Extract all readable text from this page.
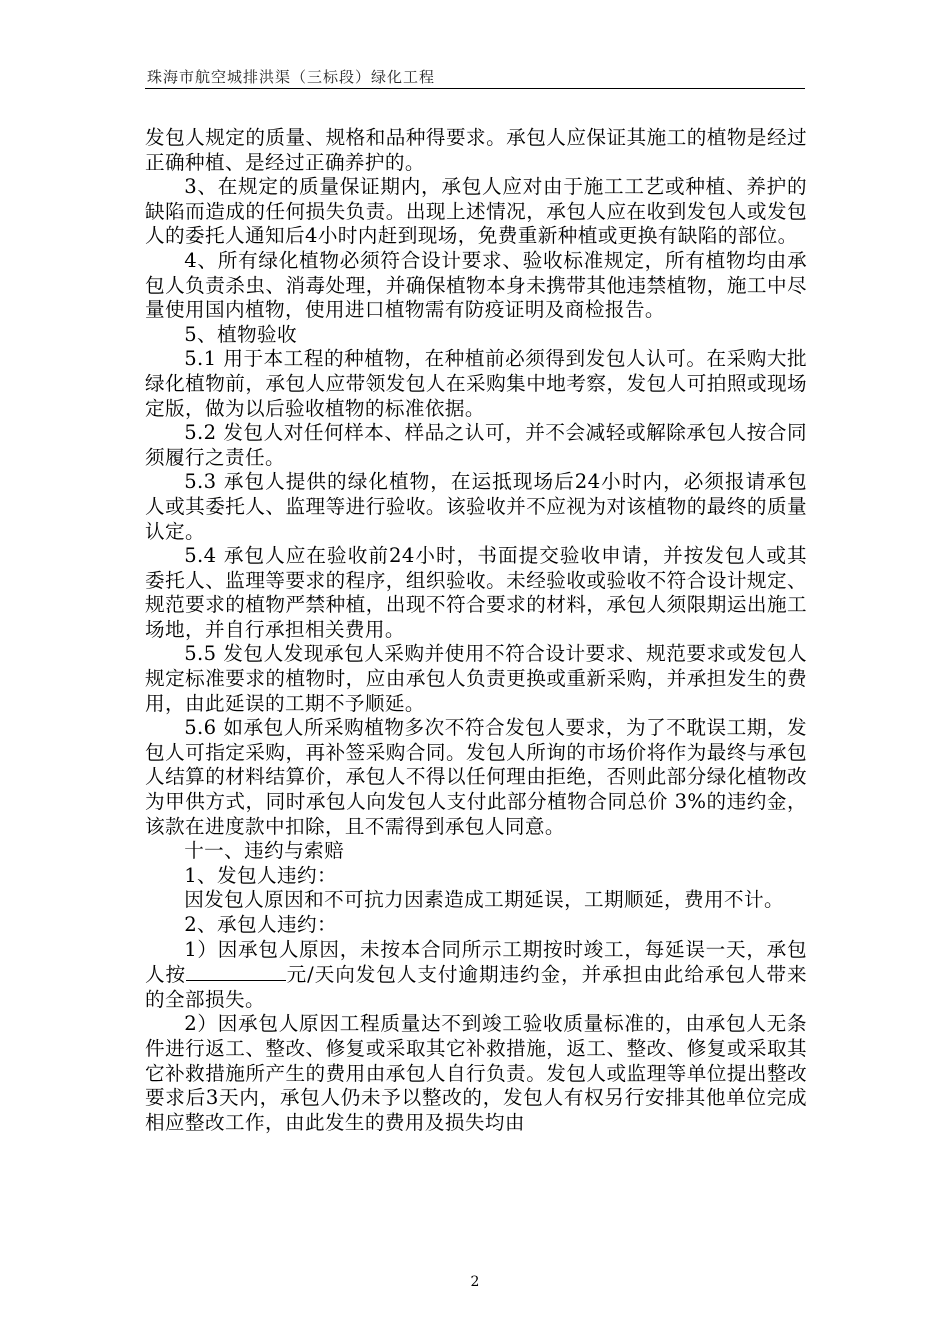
珠海市航空城排洪渠（三标段）绿化工程

发包人规定的质量、规格和品种得要求。承包人应保证其施工的植物是经过正确种植、是经过正确养护的。

3、在规定的质量保证期内，承包人应对由于施工工艺或种植、养护的缺陷而造成的任何损失负责。出现上述情况，承包人应在收到发包人或发包人的委托人通知后4小时内赶到现场，免费重新种植或更换有缺陷的部位。

4、所有绿化植物必须符合设计要求、验收标准规定，所有植物均由承包人负责杀虫、消毒处理，并确保植物本身未携带其他违禁植物，施工中尽量使用国内植物，使用进口植物需有防疫证明及商检报告。

5、植物验收

5.1 用于本工程的种植物，在种植前必须得到发包人认可。在采购大批绿化植物前，承包人应带领发包人在采购集中地考察，发包人可拍照或现场定版，做为以后验收植物的标准依据。

5.2 发包人对任何样本、样品之认可，并不会减轻或解除承包人按合同须履行之责任。

5.3 承包人提供的绿化植物，在运抵现场后24小时内，必须报请承包人或其委托人、监理等进行验收。该验收并不应视为对该植物的最终的质量认定。

5.4 承包人应在验收前24小时，书面提交验收申请，并按发包人或其委托人、监理等要求的程序，组织验收。未经验收或验收不符合设计规定、规范要求的植物严禁种植，出现不符合要求的材料，承包人须限期运出施工场地，并自行承担相关费用。

5.5 发包人发现承包人采购并使用不符合设计要求、规范要求或发包人规定标准要求的植物时，应由承包人负责更换或重新采购，并承担发生的费用，由此延误的工期不予顺延。

5.6 如承包人所采购植物多次不符合发包人要求，为了不耽误工期，发包人可指定采购，再补签采购合同。发包人所询的市场价将作为最终与承包人结算的材料结算价，承包人不得以任何理由拒绝，否则此部分绿化植物改为甲供方式，同时承包人向发包人支付此部分植物合同总价 3%的违约金，该款在进度款中扣除，且不需得到承包人同意。

十一、违约与索赔

1、发包人违约：

因发包人原因和不可抗力因素造成工期延误，工期顺延，费用不计。

2、承包人违约：

1）因承包人原因，未按本合同所示工期按时竣工，每延误一天，承包人按	元/天向发包人支付逾期违约金，并承担由此给承包人带来的全部损失。

2）因承包人原因工程质量达不到竣工验收质量标准的，由承包人无条件进行返工、整改、修复或采取其它补救措施，返工、整改、修复或采取其它补救措施所产生的费用由承包人自行负责。发包人或监理等单位提出整改要求后3天内，承包人仍未予以整改的，发包人有权另行安排其他单位完成相应整改工作，由此发生的费用及损失均由

2
